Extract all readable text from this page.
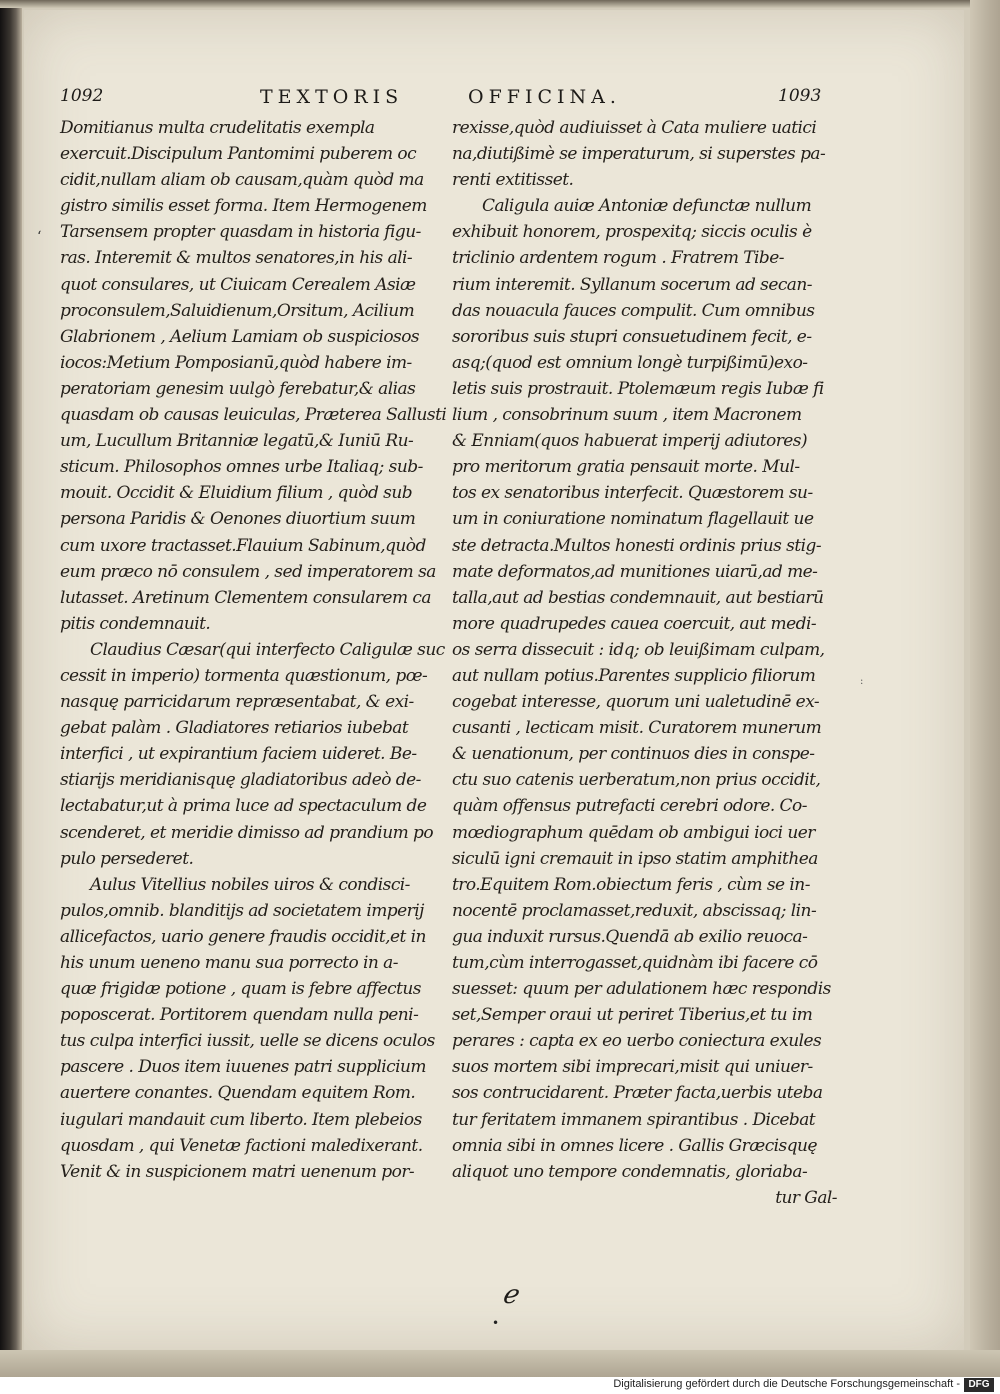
1092	TEXTORIS	OFFICINA.	1093
Domitianus multa crudelitatis exempla
exercuit.Discipulum Pantomimi puberem oc
cidit,nullam aliam ob causam,quàm quòd ma
gistro similis esset forma. Item Hermogenem
Tarsensem propter quasdam in historia figu-
ras. Interemit & multos senatores,in his ali-
quot consulares, ut Ciuicam Cerealem Asiæ
proconsulem,Saluidienum,Orsitum, Acilium
Glabrionem , Aelium Lamiam ob suspiciosos
iocos:Metium Pomposianū,quòd habere im-
peratoriam genesim uulgò ferebatur,& alias
quasdam ob causas leuiculas, Præterea Sallusti
um, Lucullum Britanniæ legatū,& Iuniū Ru-
sticum. Philosophos omnes urbe Italiaq; sub-
mouit. Occidit & Eluidium filium , quòd sub
persona Paridis & Oenones diuortium suum
cum uxore tractasset.Flauium Sabinum,quòd
eum præco nō consulem , sed imperatorem sa
lutasset. Aretinum Clementem consularem ca
pitis condemnauit.
Claudius Cæsar(qui interfecto Caligulæ suc
cessit in imperio) tormenta quæstionum, pœ-
nasquę parricidarum repræsentabat, & exi-
gebat palàm . Gladiatores retiarios iubebat
interfici , ut expirantium faciem uideret. Be-
stiarijs meridianisquę gladiatoribus adeò de-
lectabatur,ut à prima luce ad spectaculum de
scenderet, et meridie dimisso ad prandium po
pulo persederet.
Aulus Vitellius nobiles uiros & condisci-
pulos,omnib. blanditijs ad societatem imperij
allicefactos, uario genere fraudis occidit,et in
his unum ueneno manu sua porrecto in a-
quæ frigidæ potione , quam is febre affectus
poposcerat. Portitorem quendam nulla peni-
tus culpa interfici iussit, uelle se dicens oculos
pascere . Duos item iuuenes patri supplicium
auertere conantes. Quendam equitem Rom.
iugulari mandauit cum liberto. Item plebeios
quosdam , qui Venetæ factioni maledixerant.
Venit & in suspicionem matri uenenum por-
rexisse,quòd audiuisset à Cata muliere uatici
na,diutißimè se imperaturum, si superstes pa-
renti extitisset.
Caligula auiæ Antoniæ defunctæ nullum
exhibuit honorem, prospexitq; siccis oculis è
triclinio ardentem rogum . Fratrem Tibe-
rium interemit. Syllanum socerum ad secan-
das nouacula fauces compulit. Cum omnibus
sororibus suis stupri consuetudinem fecit, e-
asq;(quod est omnium longè turpißimū)exo-
letis suis prostrauit. Ptolemæum regis Iubæ fi
lium , consobrinum suum , item Macronem
& Enniam(quos habuerat imperij adiutores)
pro meritorum gratia pensauit morte. Mul-
tos ex senatoribus interfecit. Quæstorem su-
um in coniuratione nominatum flagellauit ue
ste detracta.Multos honesti ordinis prius stig-
mate deformatos,ad munitiones uiarū,ad me-
talla,aut ad bestias condemnauit, aut bestiarū
more quadrupedes cauea coercuit, aut medi-
os serra dissecuit : idq; ob leuißimam culpam,
aut nullam potius.Parentes supplicio filiorum
cogebat interesse, quorum uni ualetudinē ex-
cusanti , lecticam misit. Curatorem munerum
& uenationum, per continuos dies in conspe-
ctu suo catenis uerberatum,non prius occidit,
quàm offensus putrefacti cerebri odore. Co-
mœdiographum quēdam ob ambigui ioci uer
siculū igni cremauit in ipso statim amphithea
tro.Equitem Rom.obiectum feris , cùm se in-
nocentē proclamasset,reduxit, abscissaq; lin-
gua induxit rursus.Quendā ab exilio reuoca-
tum,cùm interrogasset,quidnàm ibi facere cō
suesset: quum per adulationem hæc respondis
set,Semper oraui ut periret Tiberius,et tu im
perares : capta ex eo uerbo coniectura exules
suos mortem sibi imprecari,misit qui uniuer-
sos contrucidarent. Præter facta,uerbis uteba
tur feritatem immanem spirantibus . Dicebat
omnia sibi in omnes licere . Gallis Græcisquę
aliquot uno tempore condemnatis, gloriaba-
tur Gal-
‘
:
ℯ
•
Digitalisierung gefördert durch die Deutsche Forschungsgemeinschaft - DFG
